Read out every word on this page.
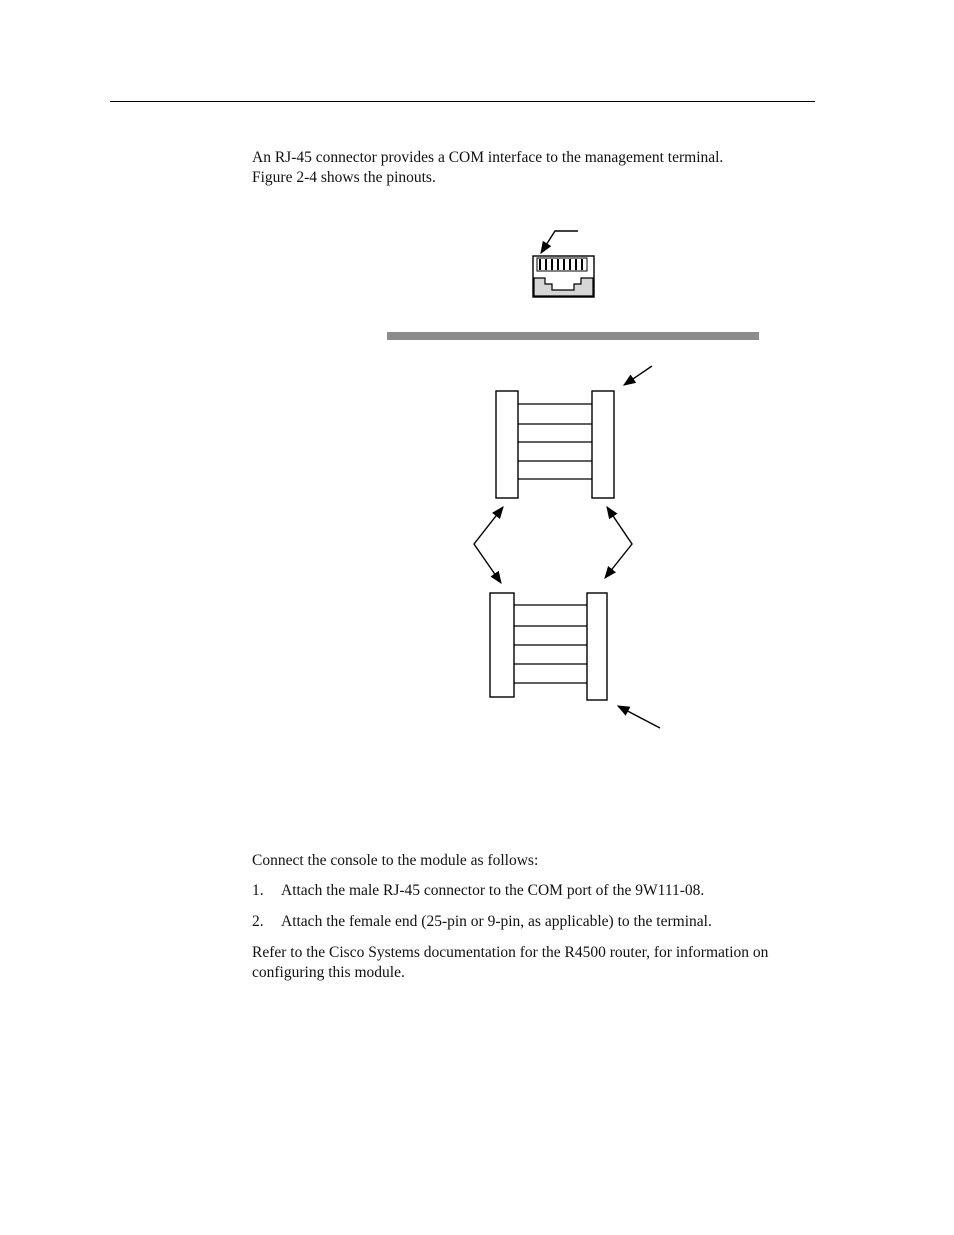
An RJ-45 connector provides a COM interface to the management terminal.
Figure 2-4 shows the pinouts.

Connect the console to the module as follows:

1. Attach the male RJ-45 connector to the COM port of the 9W111-08.
2. Attach the female end (25-pin or 9-pin, as applicable) to the terminal.

Refer to the Cisco Systems documentation for the R4500 router, for information on
configuring this module.
